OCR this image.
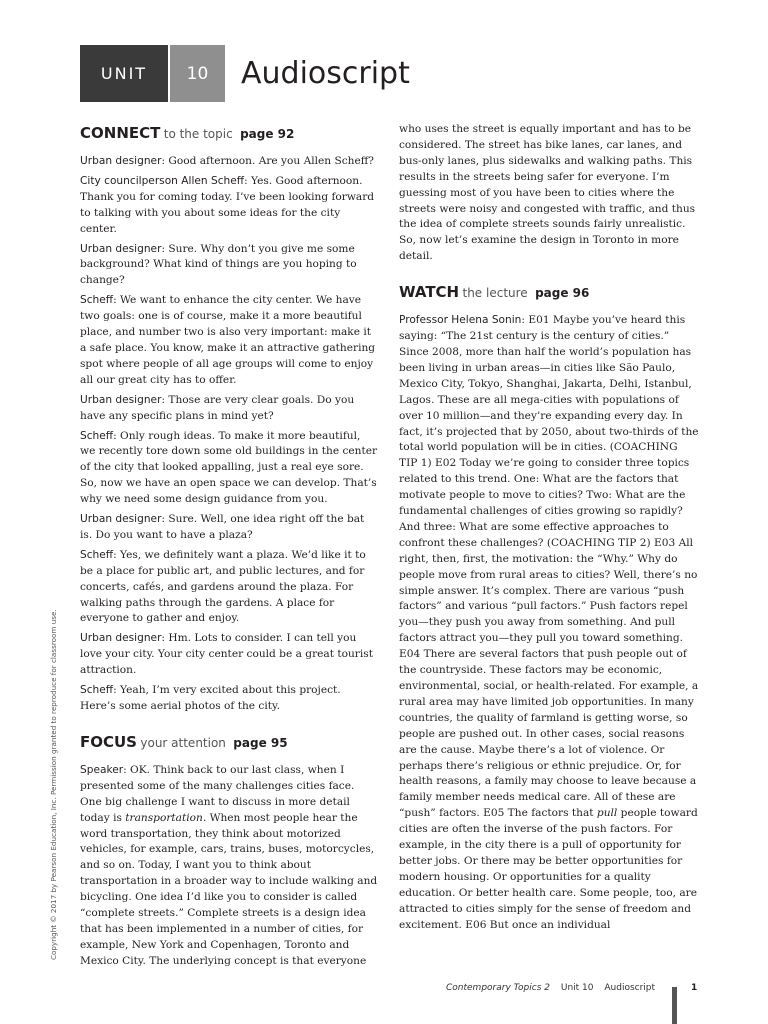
UNIT 10 Audioscript
CONNECT to the topic page 92

Urban designer: Good afternoon. Are you Allen Scheff?

City councilperson Allen Scheff: Yes. Good afternoon. Thank you for coming today. I’ve been looking forward to talking with you about some ideas for the city center.

Urban designer: Sure. Why don’t you give me some background? What kind of things are you hoping to change?

Scheff: We want to enhance the city center. We have two goals: one is of course, make it a more beautiful place, and number two is also very important: make it a safe place. You know, make it an attractive gathering spot where people of all age groups will come to enjoy all our great city has to offer.

Urban designer: Those are very clear goals. Do you have any specific plans in mind yet?

Scheff: Only rough ideas. To make it more beautiful, we recently tore down some old buildings in the center of the city that looked appalling, just a real eye sore. So, now we have an open space we can develop. That’s why we need some design guidance from you.

Urban designer: Sure. Well, one idea right off the bat is. Do you want to have a plaza?

Scheff: Yes, we definitely want a plaza. We’d like it to be a place for public art, and public lectures, and for concerts, cafés, and gardens around the plaza. For walking paths through the gardens. A place for everyone to gather and enjoy.

Urban designer: Hm. Lots to consider. I can tell you love your city. Your city center could be a great tourist attraction.

Scheff: Yeah, I’m very excited about this project. Here’s some aerial photos of the city.

FOCUS your attention page 95

Speaker: OK. Think back to our last class, when I presented some of the many challenges cities face. One big challenge I want to discuss in more detail today is transportation. When most people hear the word transportation, they think about motorized vehicles, for example, cars, trains, buses, motorcycles, and so on. Today, I want you to think about transportation in a broader way to include walking and bicycling. One idea I’d like you to consider is called “complete streets.” Complete streets is a design idea that has been implemented in a number of cities, for example, New York and Copenhagen, Toronto and Mexico City. The underlying concept is that everyone

who uses the street is equally important and has to be considered. The street has bike lanes, car lanes, and bus-only lanes, plus sidewalks and walking paths. This results in the streets being safer for everyone. I’m guessing most of you have been to cities where the streets were noisy and congested with traffic, and thus the idea of complete streets sounds fairly unrealistic. So, now let’s examine the design in Toronto in more detail.

WATCH the lecture page 96

Professor Helena Sonin: E01 Maybe you’ve heard this saying: “The 21st century is the century of cities.” Since 2008, more than half the world’s population has been living in urban areas—in cities like São Paulo, Mexico City, Tokyo, Shanghai, Jakarta, Delhi, Istanbul, Lagos. These are all mega-cities with populations of over 10 million—and they’re expanding every day. In fact, it’s projected that by 2050, about two-thirds of the total world population will be in cities. (COACHING TIP 1) E02 Today we’re going to consider three topics related to this trend. One: What are the factors that motivate people to move to cities? Two: What are the fundamental challenges of cities growing so rapidly? And three: What are some effective approaches to confront these challenges? (COACHING TIP 2) E03 All right, then, first, the motivation: the “Why.” Why do people move from rural areas to cities? Well, there’s no simple answer. It’s complex. There are various “push factors” and various “pull factors.” Push factors repel you—they push you away from something. And pull factors attract you—they pull you toward something. E04 There are several factors that push people out of the countryside. These factors may be economic, environmental, social, or health-related. For example, a rural area may have limited job opportunities. In many countries, the quality of farmland is getting worse, so people are pushed out. In other cases, social reasons are the cause. Maybe there’s a lot of violence. Or perhaps there’s religious or ethnic prejudice. Or, for health reasons, a family may choose to leave because a family member needs medical care. All of these are “push” factors. E05 The factors that pull people toward cities are often the inverse of the push factors. For example, in the city there is a pull of opportunity for better jobs. Or there may be better opportunities for modern housing. Or opportunities for a quality education. Or better health care. Some people, too, are attracted to cities simply for the sense of freedom and excitement. E06 But once an individual

Copyright © 2017 by Pearson Education, Inc. Permission granted to reproduce for classroom use.
Contemporary Topics 2 Unit 10 Audioscript	1
